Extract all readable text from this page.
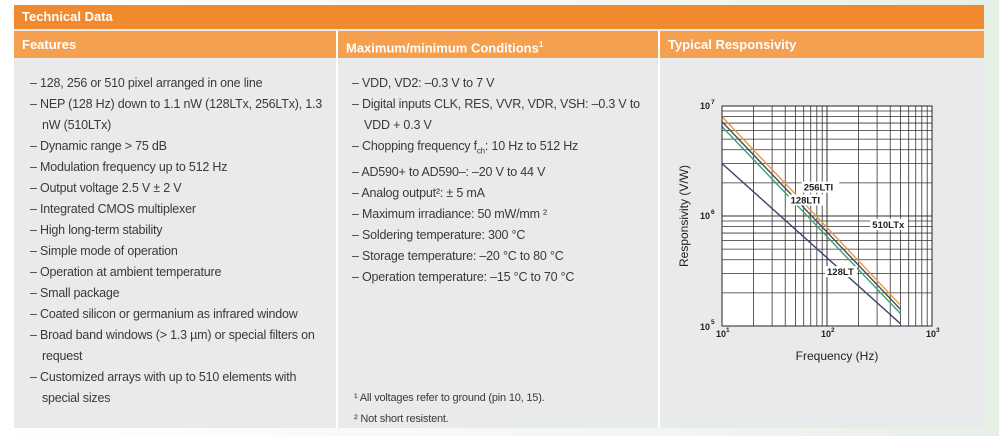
Technical Data
Features	Maximum/minimum Conditions$^1$	Typical Responsivity
– 128, 256 or 510 pixel arranged in one line
– NEP (128 Hz) down to 1.1 nW (128LTx, 256LTx), 1.3 nW (510LTx)
– Dynamic range > 75 dB
– Modulation frequency up to 512 Hz
– Output voltage 2.5 V ± 2 V
– Integrated CMOS multiplexer
– High long-term stability
– Simple mode of operation
– Operation at ambient temperature
– Small package
– Coated silicon or germanium as infrared window
– Broad band windows (> 1.3 µm) or special filters on request
– Customized arrays with up to 510 elements with special sizes
– VDD, VD2: –0.3 V to 7 V
– Digital inputs CLK, RES, VVR, VDR, VSH: –0.3 V to VDD + 0.3 V
– Chopping frequency $f_{ch}$: 10 Hz to 512 Hz
– AD590+ to AD590–: –20 V to 44 V
– Analog output²: ± 5 mA
– Maximum irradiance: 50 mW/mm ²
– Soldering temperature: 300 °C
– Storage temperature: –20 °C to 80 °C
– Operation temperature: –15 °C to 70 °C
¹ All voltages refer to ground (pin 10, 15).
² Not short resistent.
256LTI
128LTI
510LTx
128LT
10 1	10 2	10 3
10 7
10 6
10 5
Frequency (Hz)
Responsivity (V/W)
